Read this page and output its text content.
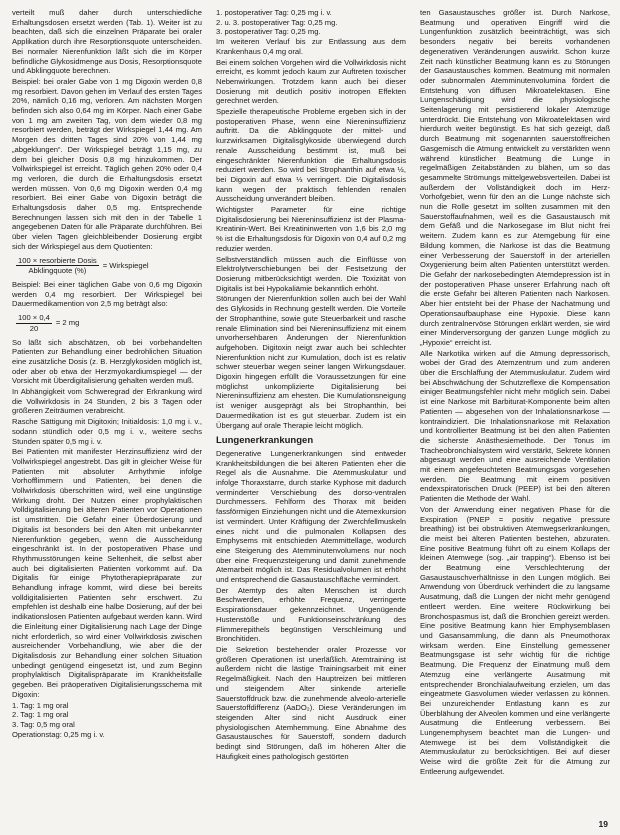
verteilt muß daher durch unterschiedliche Erhaltungsdosen ersetzt werden (Tab. 1). Weiter ist zu beachten, daß sich die einzelnen Präparate bei oraler Applikation durch ihre Resorptionsquote unterscheiden. Bei normaler Nierenfunktion läßt sich die im Körper befindliche Glykosidmenge aus Dosis, Resorptionsquote und Abklingquote berechnen.

Beispiel: bei oraler Gabe von 1 mg Digoxin werden 0,8 mg resorbiert. Davon gehen im Verlauf des ersten Tages 20%, nämlich 0,16 mg, verloren. Am nächsten Morgen befinden sich also 0,64 mg im Körper. Nach einer Gabe von 1 mg am zweiten Tag, von dem wieder 0,8 mg resorbiert werden, beträgt der Wirkspiegel 1,44 mg. Am Morgen des dritten Tages sind 20% von 1,44 mg „abgeklungen“. Der Wirkspiegel beträgt 1,15 mg, zu dem bei gleicher Dosis 0,8 mg hinzukommen. Der Vollwirkspiegel ist erreicht. Täglich gehen 20% oder 0,4 mg verloren, die durch die Erhaltungsdosis ersetzt werden müssen. Von 0,6 mg Digoxin werden 0,4 mg resorbiert. Bei einer Gabe von Digoxin beträgt die Erhaltungsdosis daher 0,5 mg. Entsprechende Berechnungen lassen sich mit den in der Tabelle 1 angegebenen Daten für alle Präparate durchführen. Bei über vielen Tagen gleichbleibender Dosierung ergibt sich der Wirkspiegel aus dem Quotienten:

$\frac{\text{100 × resorbierte Dosis}}{\text{Abklingquote (\%)}}$ = Wirkspiegel

Beispiel: Bei einer täglichen Gabe von 0,6 mg Digoxin werden 0,4 mg resorbiert. Der Wirkspiegel bei Dauermedikamention von 2,5 mg beträgt also:

$\frac{100 \times 0,4}{20} = 2$ mg

So läßt sich abschätzen, ob bei vorbehandelten Patienten zur Behandlung einer bedrohlichen Situation eine zusätzliche Dosis (z. B. Herzglykosiden möglich ist, oder aber ob etwa der Herzmyokardiumspiegel — der Vorsicht mit Überdigitalisierung gehalten werden muß.

In Abhängigkeit vom Schweregrad der Erkrankung wird die Vollwirkdosis in 24 Stunden, 2 bis 3 Tagen oder größeren Zeiträumen verabreicht.

Rasche Sättigung mit Digitoxin; Initialdosis: 1,0 mg i. v., sodann stündlich oder 0,5 mg i. v., weitere sechs Stunden später 0,5 mg i. v.

Bei Patienten mit manifester Herzinsuffizienz wird der Vollwirkspiegel angestrebt. Das gilt in gleicher Weise für Patienten mit absoluter Arrhythmie infolge Vorhofflimmern und Patienten, bei denen die Vollwirkdosis überschritten wird, weil eine ungünstige Wirkung droht. Der Nutzen einer prophylaktischen Volldigitalisierung bei älteren Patienten vor Operationen ist umstritten. Die Gefahr einer Überdosierung und Digitalis ist besonders bei den Alten mit unbekannter Nierenfunktion gegeben, wenn die Ausscheidung eingeschränkt ist. In der postoperativen Phase und Rhythmusstörungen keine Seltenheit, die selbst aber auch bei digitalisierten Patienten vorkommt auf. Da Digitalis für einige Phytotherapiepräparate zur Behandlung infrage kommt, wird diese bei bereits volldigitalisierten Patienten sehr erschwert. Zu empfehlen ist deshalb eine halbe Dosierung, auf der bei indikationslosen Patienten aufgebaut werden kann. Wird die Einleitung einer Digitalisierung nach Lage der Dinge nicht erforderlich, so wird einer Vollwirkdosis zwischen ausreichender Vorbehandlung, wie aber die der Digitalisdosis zur Behandlung einer solchen Situation unbedingt genügend eingesetzt ist, und zum Beginn prophylaktisch Digitalispräparate im Krankheitsfalle gegeben. Bei präoperativen Digitalisierungsschema mit Digoxin:

1. Tag: 1 mg oral
2. Tag: 1 mg oral
3. Tag: 0,5 mg oral
Operationstag: 0,25 mg i. v.
1. postoperativer Tag: 0,25 mg i. v.
2. u. 3. postoperativer Tag: 0,25 mg.
3. postoperativer Tag: 0,25 mg.

Im weiteren Verlauf bis zur Entlassung aus dem Krankenhaus 0,4 mg oral.

Bei einem solchen Vorgehen wird die Vollwirkdosis nicht erreicht, es kommt jedoch kaum zur Auftreten toxischer Nebenwirkungen. Trotzdem kann auch bei dieser Dosierung mit deutlich positiv inotropen Effekten gerechnet werden.

Spezielle therapeutische Probleme ergeben sich in der postoperativen Phase, wenn eine Niereninsuffizienz auftritt. Da die Abklingquote der mittel- und kurzwirksamen Digitalisglykoside überwiegend durch renale Ausscheidung bestimmt ist, muß bei eingeschränkter Nierenfunktion die Erhaltungsdosis reduziert werden. So wird bei Strophanthin auf etwa ½, bei Digoxin auf etwa ⅓ verringert. Die Digitalisdosis kann wegen der praktisch fehlenden renalen Ausscheidung unverändert bleiben.

Wichtigster Parameter für eine richtige Digitalisdosierung bei Niereninsuffizienz ist der Plasma-Kreatinin-Wert. Bei Kreatininwerten von 1,6 bis 2,0 mg % ist die Erhaltungsdosis für Digoxin von 0,4 auf 0,2 mg reduzier werden.

Selbstverständlich müssen auch die Einflüsse von Elektrolytverschiebungen bei der Festsetzung der Dosierung mitberücksichtigt werden. Die Toxizität von Digitalis ist bei Hypokaliämie bekanntlich erhöht.

Störungen der Nierenfunktion sollen auch bei der Wahl des Glykosids in Rechnung gestellt werden. Die Vorteile der Strophanthine, sowie gute Steuerbarkeit und rasche renale Elimination sind bei Niereninsuffizienz mit einem unvorhersehbaren Änderungen der Nierenfunktion aufgehoben. Digitoxin neigt zwar auch bei schlechter Nierenfunktion nicht zur Kumulation, doch ist es relativ schwer steuerbar wegen seiner langen Wirkungsdauer. Digoxin hingegen erfüllt die Voraussetzungen für eine möglichst unkomplizierte Digitalisierung bei Niereninsuffizienz am ehesten. Die Kumulationsneigung ist weniger ausgeprägt als bei Strophanthin, bei Dauermedikation ist es gut steuerbar. Zudem ist ein Übergang auf orale Therapie leicht möglich.

Lungenerkrankungen

Degenerative Lungenerkrankungen sind entweder Krankheitsbildungen die bei älteren Patienten eher die Regel als die Ausnahme. Die Atemmuskulatur und infolge Thoraxstarre, durch starke Kyphose mit dadurch verminderter Verschiebung des dorso-ventralen Durchmessers. Fehlform des Thorax mit beiden fassförmigen Einziehungen nicht und die Atemexkursion ist vermindert. Unter Kräftigung der Zwerchfellmuskeln eines nicht und die pulmonalen Kollapsen des Emphysems mit entschieden Atemmittellage, wodurch eine Steigerung des Atemminutenvolumens nur noch über eine Frequenzsteigerung und damit zunehmende Atemarbeit möglich ist. Das Residualvolumen ist erhöht und entsprechend die Gasaustauschfläche vermindert.

Der Atemtyp des alten Menschen ist durch Beschwerden, erhöhte Frequenz, verringerte Exspirationsdauer gekennzeichnet. Ungenügende Hustenstöße und Funktionseinschränkung des Flimmerepithels begünstigen Verschleimung und Bronchitiden.

Die Sekretion bestehender oraler Prozesse vor größeren Operationen ist unerläßlich. Atemtraining ist außerdem nicht die lästige Trainingsarbeit mit einer Regelmäßigkeit. Nach den Hauptreizen bei mittleren und steigendem Alter sinkende arterielle Sauerstoffdruck bzw. die zunehmende alveolo-arterielle Sauerstoffdifferenz (AaDO₂). Diese Veränderungen im steigenden Alter sind nicht Ausdruck einer physiologischen Atemhemmung. Eine Abnahme des Gasaustausches für Sauerstoff, sondern dadurch bedingt sind Störungen, daß im höheren Alter die Häufigkeit eines pathologisch gestörten

ten Gasaustausches größer ist. Durch Narkose, Beatmung und operativen Eingriff wird die Lungenfunktion zusätzlich beeinträchtigt, was sich besonders negativ bei bereits vorhandenen degenerativen Veränderungen auswirkt. Schon kurze Zeit nach künstlicher Beatmung kann es zu Störungen der Gasaustausches kommen. Beatmung mit normalen oder subnormalen Atemminutenvolumina fördert die Entstehung von diffusen Mikroatelektasen. Eine Lungenschädigung wird die physiologische Seitenlagerung mit persistierend lokaler Atemzüge unterdrückt. Die Entstehung von Mikroatelektasen wird hierdurch weiter begünstigt. Es hat sich gezeigt, daß durch Beatmung mit sogenannten sauerstoffreichen Gasgemisch die Atmung entwickelt zu verstärkten wenn während künstlicher Beatmung die Lunge in regelmäßigen Zeitabständen zu blähen, um so das gesammelte Strömungs mittelgewebsverteilen. Dabei ist außerdem der Vollständigkeit doch im Herz-Vorhofgebiet, wenn für den an die Lunge nächste sich nun die Rolle gesetzt im sollten zusammen mit den Sauerstoffaufnahmen, weil es die Gasaustausch mit dem Gefäß und die Narkosegase im Blut nicht frei weitern. Zudem kann es zur Atemgebung für eine Bildung kommen, die Narkose ist das die Beatmung einer Verbesserung der Sauerstoff in der arteriellen Oxygenierung beim alten Patienten unterstützt werden. Die Gefahr der narkosebedingten Atemdepression ist in der postoperativen Phase unserer Erfahrung nach oft die erste Gefahr bei älteren Patienten nach Narkosen. Aber hier entsteht bei der Phase der Nachatmung und Operationsaufbauphase eine Hypoxie. Diese kann durch zentralnervöse Störungen erklärt werden, sie wird einer Minderversorgung der ganzen Lunge möglich zu „Hypoxie“ erreicht ist.

Alle Narkotika wirken auf die Atmung depressorisch, wobei der Grad des Atemzentrum und zum anderen über die Erschlaffung der Atemmuskulatur. Zudem wird bei Abschwächung der Schutzreflexe die Kompensation einiger Beatmungsfehler nicht mehr möglich sein. Dabei ist eine Narkose mit Barbiturat-Komponente beim alten Patienten — abgesehen von der Inhalationsnarkose — kontraindiziert. Die Inhalationsnarkose mit Relaxation und kontrollierter Beatmung ist bei den alten Patienten die sicherste Anästhesiemethode. Der Tonus im Tracheobronchialsystem wird verstärkt, Sekrete können abgesaugt werden und eine ausreichende Ventilation mit einem angefeuchteten Beatmungsgas vorgesehen werden. Die Beatmung mit einem positiven endexspiratorischen Druck (PEEP) ist bei den älteren Patienten die Methode der Wahl.

Von der Anwendung einer negativen Phase für die Exspiration (PNEP = positiv negative pressure breathing) ist bei obstruktiven Atemwegserkrankungen, die meist bei älteren Patienten bestehen, abzuraten. Eine positive Beatmung führt oft zu einem Kollaps der kleinen Atemwege (sog. „air trapping“). Ebenso ist bei der Beatmung eine Verschlechterung der Gasaustauschverhältnisse in den Lungen möglich. Bei Anwendung von Überdruck verhindert die zu langsame Ausatmung, daß die Lungen der nicht mehr genügend entleert werden. Eine weitere Rückwirkung bei Bronchospasmus ist, daß die Bronchien gereizt werden. Eine positive Beatmung kann hier Emphysemblasen und Gasansammlung, die dann als Pneumothorax wirksam werden. Eine Einstellung gemessener Beatmungsgase ist sehr wichtig für die richtige Beatmung. Die Frequenz der Einatmung muß dem Atemzug eine verlängerte Ausatmung mit entsprechender Bronchialaufweitung erzielen, um das eingeatmete Gasvolumen wieder verlassen zu können. Bei unzureichender Entlastung kann es zur Überblähung der Alveolen kommen und eine verlängerte Ausatmung die Entleerung verbessern. Bei Lungenemphysem beachtet man die Lungen- und Atemwege ist bei dem Vollständigkeit die Atemmuskulatur zu berücksichtigen. Bei auf dieser Weise wird die größte Zeit für die Atmung zur Entleerung aufgewendet.

19
